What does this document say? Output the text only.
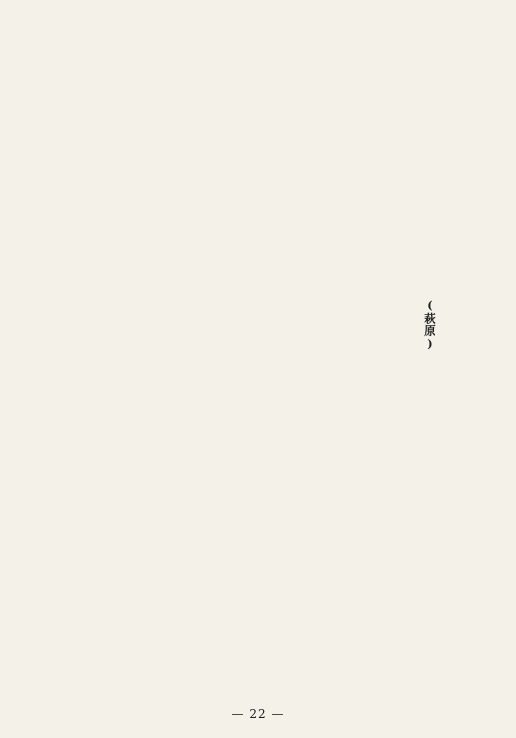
(萩原)
— 22 —
